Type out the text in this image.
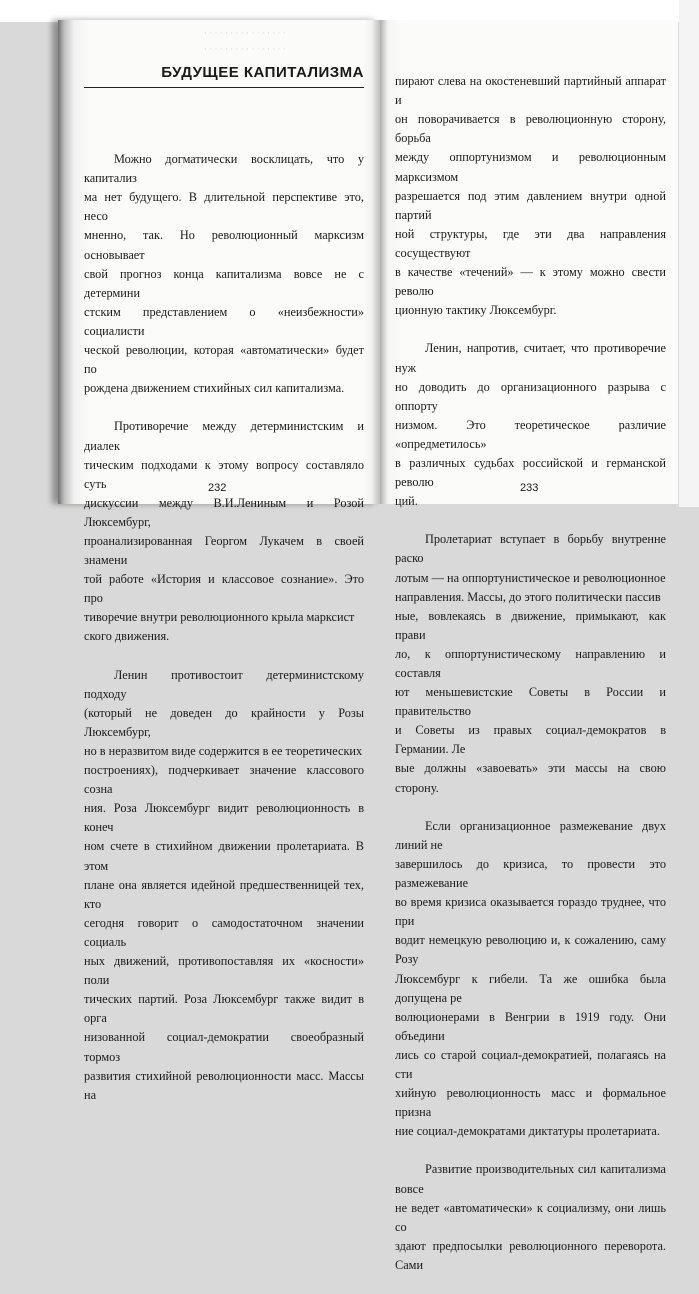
· · · · · · · · · · · · · · · ·
· · · · · · · · · · · · · · · ·
БУДУЩЕЕ КАПИТАЛИЗМА

Можно догматически восклицать, что у капитализ
ма нет будущего. В длительной перспективе это, несо
мненно, так. Но революционный марксизм основывает
свой прогноз конца капитализма вовсе не с детермини
стским представлением о «неизбежности» социалисти
ческой революции, которая «автоматически» будет по
рождена движением стихийных сил капитализма.

Противоречие между детерминистским и диалек
тическим подходами к этому вопросу составляло суть
дискуссии между В.И.Лениным и Розой Люксембург,
проанализированная Георгом Лукачем в своей знамени
той работе «История и классовое сознание». Это про
тиворечие внутри революционного крыла марксист
ского движения.

Ленин противостоит детерминистскому подходу
(который не доведен до крайности у Розы Люксембург,
но в неразвитом виде содержится в ее теоретических
построениях), подчеркивает значение классового созна
ния. Роза Люксембург видит революционность в конеч
ном счете в стихийном движении пролетариата. В этом
плане она является идейной предшественницей тех, кто
сегодня говорит о самодостаточном значении социаль
ных движений, противопоставляя их «косности» поли
тических партий. Роза Люксембург также видит в орга
низованной социал-демократии своеобразный тормоз
развития стихийной революционности масс. Массы на

232

пирают слева на окостеневший партийный аппарат и
он поворачивается в революционную сторону, борьба
между оппортунизмом и революционным марксизмом
разрешается под этим давлением внутри одной партий
ной структуры, где эти два направления сосуществуют
в качестве «течений» — к этому можно свести револю
ционную тактику Люксембург.

Ленин, напротив, считает, что противоречие нуж
но доводить до организационного разрыва с оппорту
низмом. Это теоретическое различие «опредметилось»
в различных судьбах российской и германской револю
ций.

Пролетариат вступает в борьбу внутренне раско
лотым — на оппортунистическое и революционное
направления. Массы, до этого политически пассив
ные, вовлекаясь в движение, примыкают, как прави
ло, к оппортунистическому направлению и составля
ют меньшевистские Советы в России и правительство
и Советы из правых социал-демократов в Германии. Ле
вые должны «завоевать» эти массы на свою сторону.

Если организационное размежевание двух линий не
завершилось до кризиса, то провести это размежевание
во время кризиса оказывается гораздо труднее, что при
водит немецкую революцию и, к сожалению, саму Розу
Люксембург к гибели. Та же ошибка была допущена ре
волюционерами в Венгрии в 1919 году. Они объедини
лись со старой социал-демократией, полагаясь на сти
хийную революционность масс и формальное призна
ние социал-демократами диктатуры пролетариата.

Развитие производительных сил капитализма вовсе
не ведет «автоматически» к социализму, они лишь со
здают предпосылки революционного переворота. Сами

233
